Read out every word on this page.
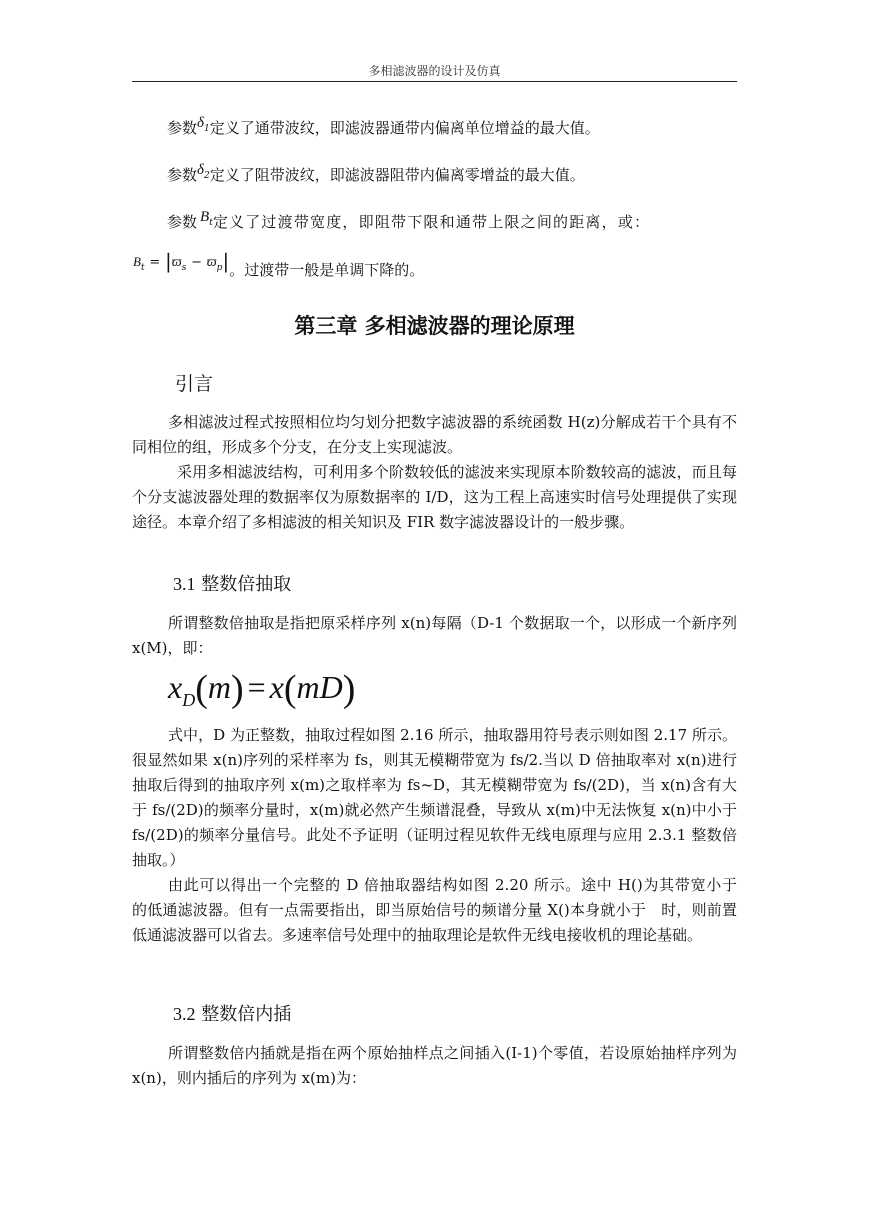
多相滤波器的设计及仿真
参数$\delta_1$定义了通带波纹，即滤波器通带内偏离单位增益的最大值。
参数$\delta_2$定义了阻带波纹，即滤波器阻带内偏离零增益的最大值。
参数 $B_t$定义了过渡带宽度，即阻带下限和通带上限之间的距离，或：
$B_t = |ϖ_s - ϖ_p|$。过渡带一般是单调下降的。
第三章 多相滤波器的理论原理
引言

多相滤波过程式按照相位均匀划分把数字滤波器的系统函数 H(z)分解成若干个具有不同相位的组，形成多个分支，在分支上实现滤波。

采用多相滤波结构，可利用多个阶数较低的滤波来实现原本阶数较高的滤波，而且每个分支滤波器处理的数据率仅为原数据率的 I/D，这为工程上高速实时信号处理提供了实现途径。本章介绍了多相滤波的相关知识及 FIR 数字滤波器设计的一般步骤。

3.1 整数倍抽取

所谓整数倍抽取是指把原采样序列 x(n)每隔（D-1 个数据取一个，以形成一个新序列 x(M)，即：

$x_D(m) = x(mD)$

式中，D 为正整数，抽取过程如图 2.16 所示，抽取器用符号表示则如图 2.17 所示。很显然如果 x(n)序列的采样率为 fs，则其无模糊带宽为 fs/2.当以 D 倍抽取率对 x(n)进行抽取后得到的抽取序列 x(m)之取样率为 fs~D，其无模糊带宽为 fs/(2D)，当 x(n)含有大于 fs/(2D)的频率分量时，x(m)就必然产生频谱混叠，导致从 x(m)中无法恢复 x(n)中小于 fs/(2D)的频率分量信号。此处不予证明（证明过程见软件无线电原理与应用 2.3.1 整数倍抽取。）

由此可以得出一个完整的 D 倍抽取器结构如图 2.20 所示。途中 H()为其带宽小于　的低通滤波器。但有一点需要指出，即当原始信号的频谱分量 X()本身就小于　时，则前置低通滤波器可以省去。多速率信号处理中的抽取理论是软件无线电接收机的理论基础。

3.2 整数倍内插

所谓整数倍内插就是指在两个原始抽样点之间插入(I-1)个零值，若设原始抽样序列为 x(n)，则内插后的序列为 x(m)为：
